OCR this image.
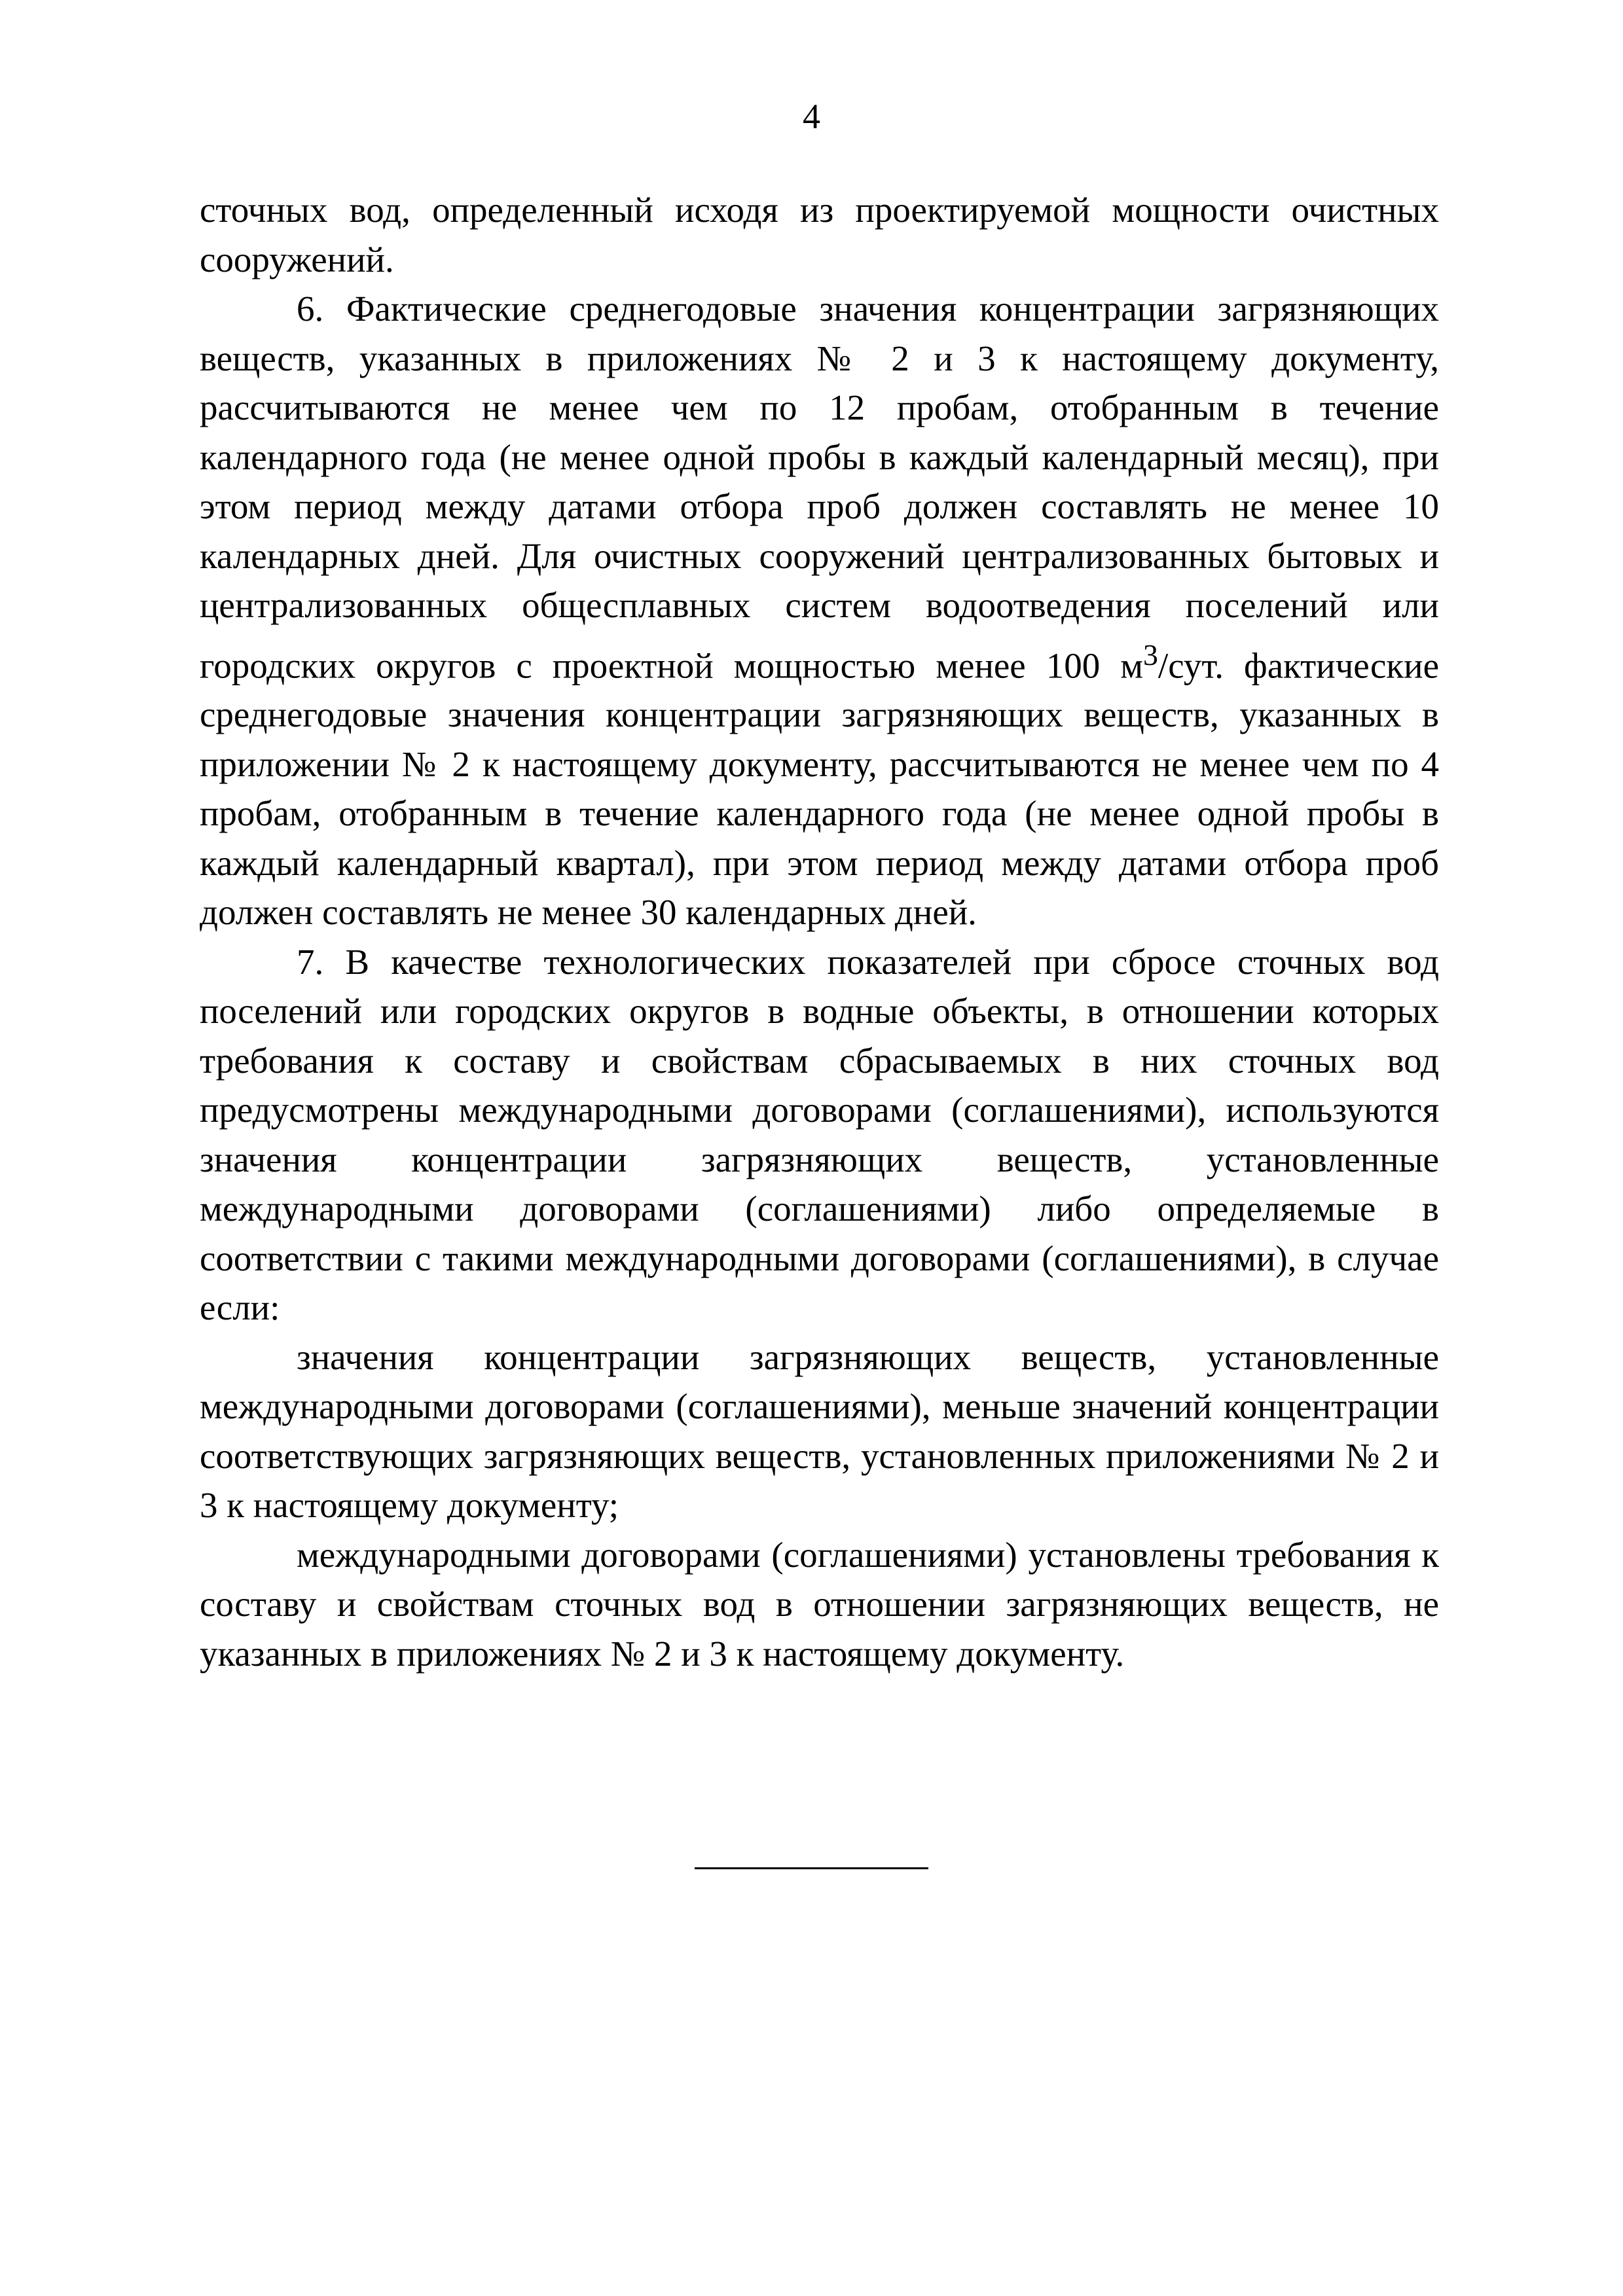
4

сточных вод, определенный исходя из проектируемой мощности очистных сооружений.

6. Фактические среднегодовые значения концентрации загрязняющих веществ, указанных в приложениях № 2 и 3 к настоящему документу, рассчитываются не менее чем по 12 пробам, отобранным в течение календарного года (не менее одной пробы в каждый календарный месяц), при этом период между датами отбора проб должен составлять не менее 10 календарных дней. Для очистных сооружений централизованных бытовых и централизованных общесплавных систем водоотведения поселений или городских округов с проектной мощностью менее 100 $м^3$/сут. фактические среднегодовые значения концентрации загрязняющих веществ, указанных в приложении № 2 к настоящему документу, рассчитываются не менее чем по 4 пробам, отобранным в течение календарного года (не менее одной пробы в каждый календарный квартал), при этом период между датами отбора проб должен составлять не менее 30 календарных дней.

7. В качестве технологических показателей при сбросе сточных вод поселений или городских округов в водные объекты, в отношении которых требования к составу и свойствам сбрасываемых в них сточных вод предусмотрены международными договорами (соглашениями), используются значения концентрации загрязняющих веществ, установленные международными договорами (соглашениями) либо определяемые в соответствии с такими международными договорами (соглашениями), в случае если:

значения концентрации загрязняющих веществ, установленные международными договорами (соглашениями), меньше значений концентрации соответствующих загрязняющих веществ, установленных приложениями № 2 и 3 к настоящему документу;

международными договорами (соглашениями) установлены требования к составу и свойствам сточных вод в отношении загрязняющих веществ, не указанных в приложениях № 2 и 3 к настоящему документу.
